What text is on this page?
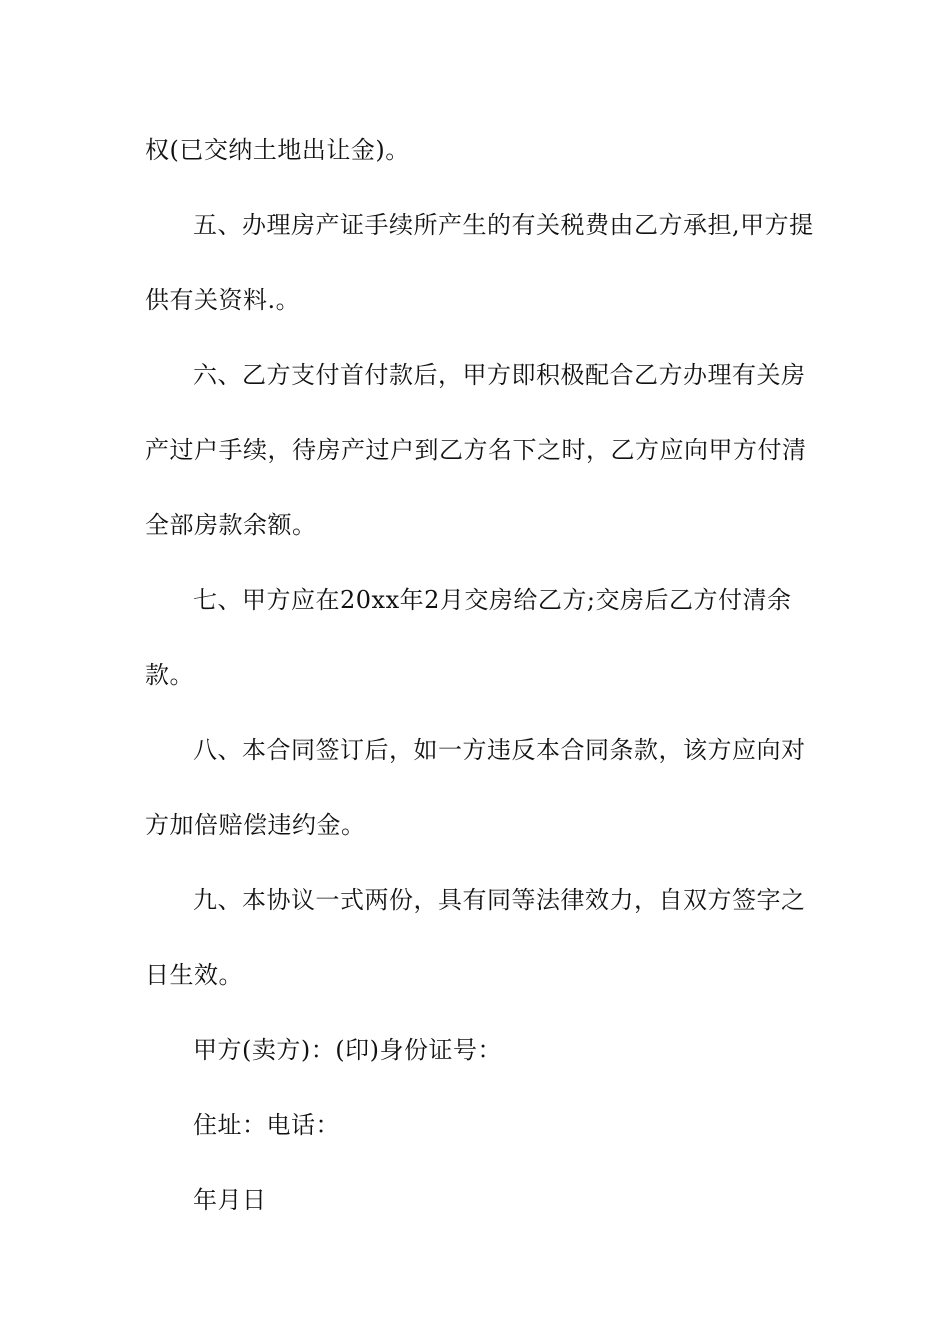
权(已交纳土地出让金)。
五、办理房产证手续所产生的有关税费由乙方承担,甲方提
供有关资料.。
六、乙方支付首付款后，甲方即积极配合乙方办理有关房
产过户手续，待房产过户到乙方名下之时，乙方应向甲方付清
全部房款余额。
七、甲方应在20xx年2月交房给乙方;交房后乙方付清余
款。
八、本合同签订后，如一方违反本合同条款，该方应向对
方加倍赔偿违约金。
九、本协议一式两份，具有同等法律效力，自双方签字之
日生效。
甲方(卖方)：(印)身份证号：
住址：电话：
年月日
